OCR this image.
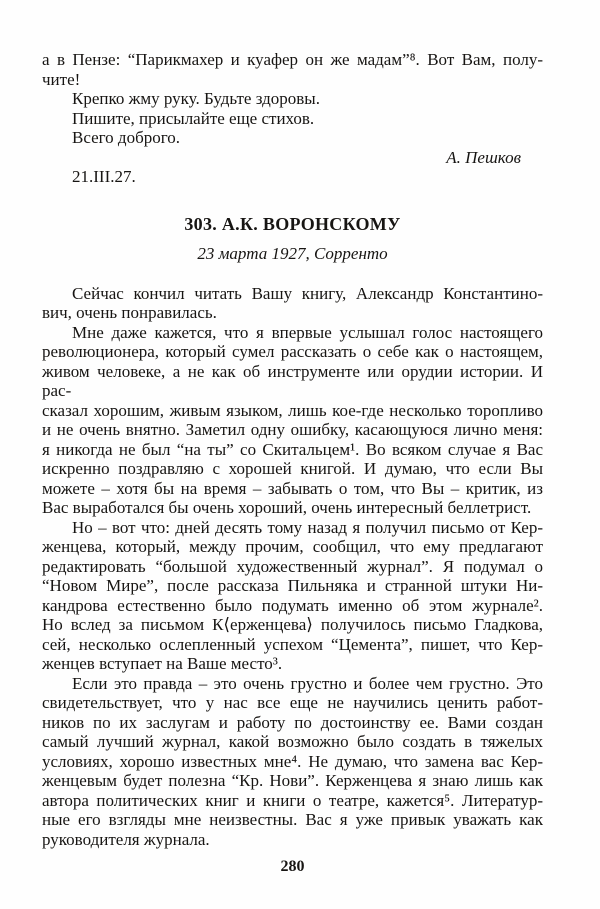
а в Пензе: “Парикмахер и куафер он же мадам”⁸. Вот Вам, полу-
чите!
Крепко жму руку. Будьте здоровы.
Пишите, присылайте еще стихов.
Всего доброго.
А. Пешков
21.III.27.
303. А.К. ВОРОНСКОМУ
23 марта 1927, Сорренто
Сейчас кончил читать Вашу книгу, Александр Константино-
вич, очень понравилась.
Мне даже кажется, что я впервые услышал голос настоящего
революционера, который сумел рассказать о себе как о настоящем,
живом человеке, а не как об инструменте или орудии истории. И рас-
сказал хорошим, живым языком, лишь кое-где несколько торопливо
и не очень внятно. Заметил одну ошибку, касающуюся лично меня:
я никогда не был “на ты” со Скитальцем¹. Во всяком случае я Вас
искренно поздравляю с хорошей книгой. И думаю, что если Вы
можете – хотя бы на время – забывать о том, что Вы – критик, из
Вас выработался бы очень хороший, очень интересный беллетрист.
Но – вот что: дней десять тому назад я получил письмо от Кер-
женцева, который, между прочим, сообщил, что ему предлагают
редактировать “большой художественный журнал”. Я подумал о
“Новом Мире”, после рассказа Пильняка и странной штуки Ни-
кандрова естественно было подумать именно об этом журнале².
Но вслед за письмом К⟨ерженцева⟩ получилось письмо Гладкова,
сей, несколько ослепленный успехом “Цемента”, пишет, что Кер-
женцев вступает на Ваше место³.
Если это правда – это очень грустно и более чем грустно. Это
свидетельствует, что у нас все еще не научились ценить работ-
ников по их заслугам и работу по достоинству ее. Вами создан
самый лучший журнал, какой возможно было создать в тяжелых
условиях, хорошо известных мне⁴. Не думаю, что замена вас Кер-
женцевым будет полезна “Кр. Нови”. Керженцева я знаю лишь как
автора политических книг и книги о театре, кажется⁵. Литератур-
ные его взгляды мне неизвестны. Вас я уже привык уважать как
руководителя журнала.
280
